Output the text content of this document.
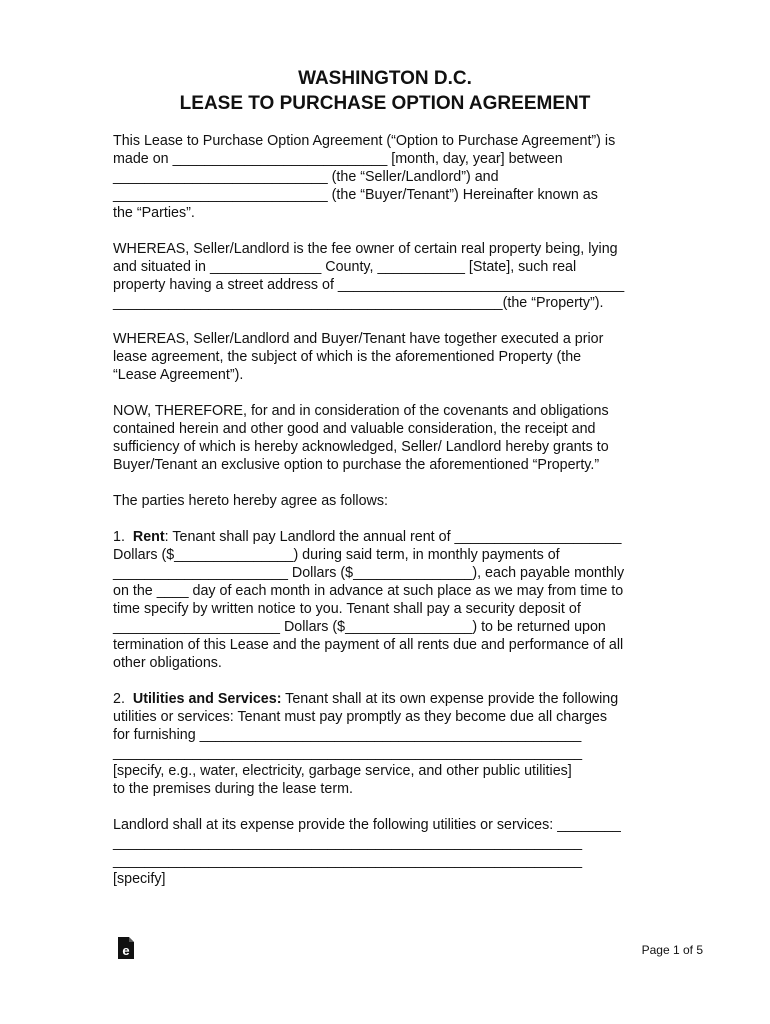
WASHINGTON D.C.
LEASE TO PURCHASE OPTION AGREEMENT

This Lease to Purchase Option Agreement (“Option to Purchase Agreement”) is

made on ___________________________ [month, day, year] between

___________________________ (the “Seller/Landlord”) and

___________________________ (the “Buyer/Tenant”) Hereinafter known as

the “Parties”.

WHEREAS, Seller/Landlord is the fee owner of certain real property being, lying

and situated in ______________ County, ___________ [State], such real

property having a street address of ____________________________________

_________________________________________________(the “Property”).

WHEREAS, Seller/Landlord and Buyer/Tenant have together executed a prior

lease agreement, the subject of which is the aforementioned Property (the

“Lease Agreement”).

NOW, THEREFORE, for and in consideration of the covenants and obligations

contained herein and other good and valuable consideration, the receipt and

sufficiency of which is hereby acknowledged, Seller/ Landlord hereby grants to

Buyer/Tenant an exclusive option to purchase the aforementioned “Property.”

The parties hereto hereby agree as follows:

1.  Rent: Tenant shall pay Landlord the annual rent of _____________________

Dollars ($_______________) during said term, in monthly payments of

______________________ Dollars ($_______________), each payable monthly

on the ____ day of each month in advance at such place as we may from time to

time specify by written notice to you. Tenant shall pay a security deposit of

_____________________ Dollars ($________________) to be returned upon

termination of this Lease and the payment of all rents due and performance of all

other obligations.

2.  Utilities and Services: Tenant shall at its own expense provide the following

utilities or services: Tenant must pay promptly as they become due all charges

for furnishing ________________________________________________

___________________________________________________________

[specify, e.g., water, electricity, garbage service, and other public utilities]

to the premises during the lease term.

Landlord shall at its expense provide the following utilities or services: ________

___________________________________________________________

___________________________________________________________

[specify]

e	Page 1 of 5
